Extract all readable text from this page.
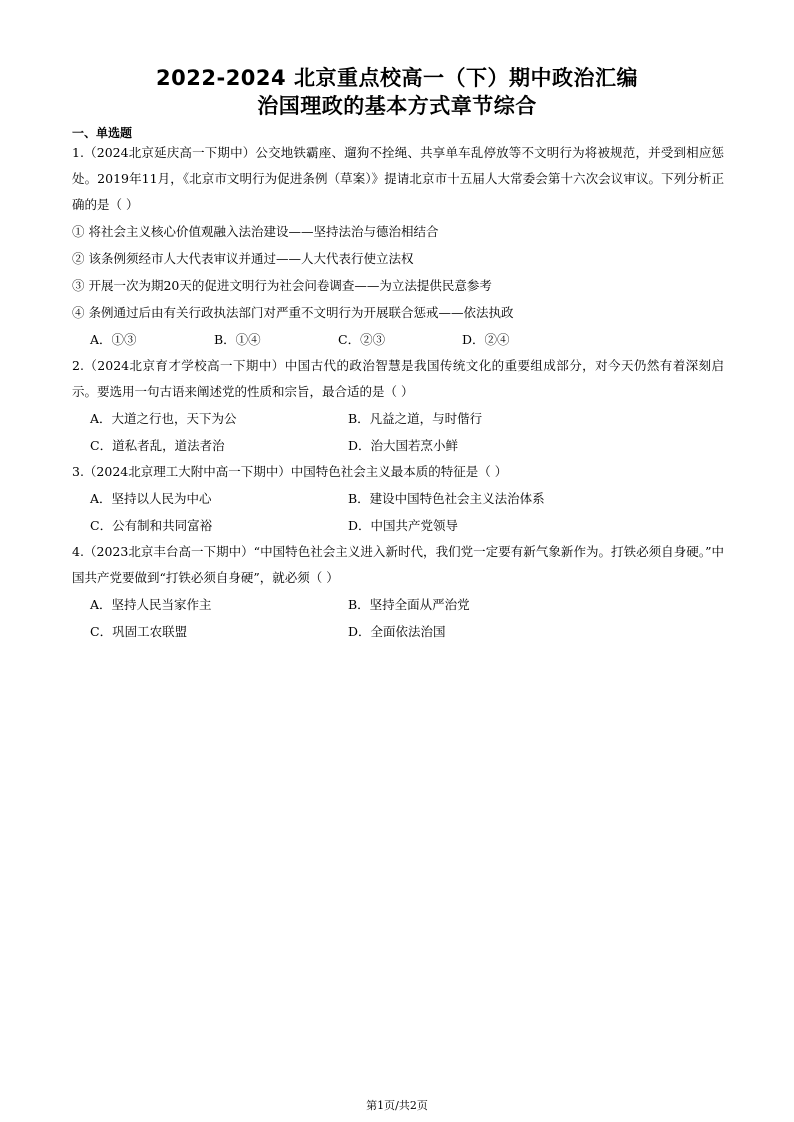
2022-2024 北京重点校高一（下）期中政治汇编
治国理政的基本方式章节综合
一、单选题
1.（2024北京延庆高一下期中）公交地铁霸座、遛狗不拴绳、共享单车乱停放等不文明行为将被规范，并受到相应惩处。2019年11月，《北京市文明行为促进条例（草案）》提请北京市十五届人大常委会第十六次会议审议。下列分析正确的是（ ）
① 将社会主义核心价值观融入法治建设——坚持法治与德治相结合
② 该条例须经市人大代表审议并通过——人大代表行使立法权
③ 开展一次为期20天的促进文明行为社会问卷调查——为立法提供民意参考
④ 条例通过后由有关行政执法部门对严重不文明行为开展联合惩戒——依法执政
A．①③	B．①④	C．②③	D．②④
2.（2024北京育才学校高一下期中）中国古代的政治智慧是我国传统文化的重要组成部分，对今天仍然有着深刻启示。要选用一句古语来阐述党的性质和宗旨，最合适的是（ ）
A．大道之行也，天下为公	B．凡益之道，与时偕行
C．道私者乱，道法者治	D．治大国若烹小鲜
3.（2024北京理工大附中高一下期中）中国特色社会主义最本质的特征是（ ）
A．坚持以人民为中心	B．建设中国特色社会主义法治体系
C．公有制和共同富裕	D．中国共产党领导
4.（2023北京丰台高一下期中）“中国特色社会主义进入新时代，我们党一定要有新气象新作为。打铁必须自身硬。”中国共产党要做到“打铁必须自身硬”，就必须（ ）
A．坚持人民当家作主	B．坚持全面从严治党
C．巩固工农联盟	D．全面依法治国
第1页/共2页
